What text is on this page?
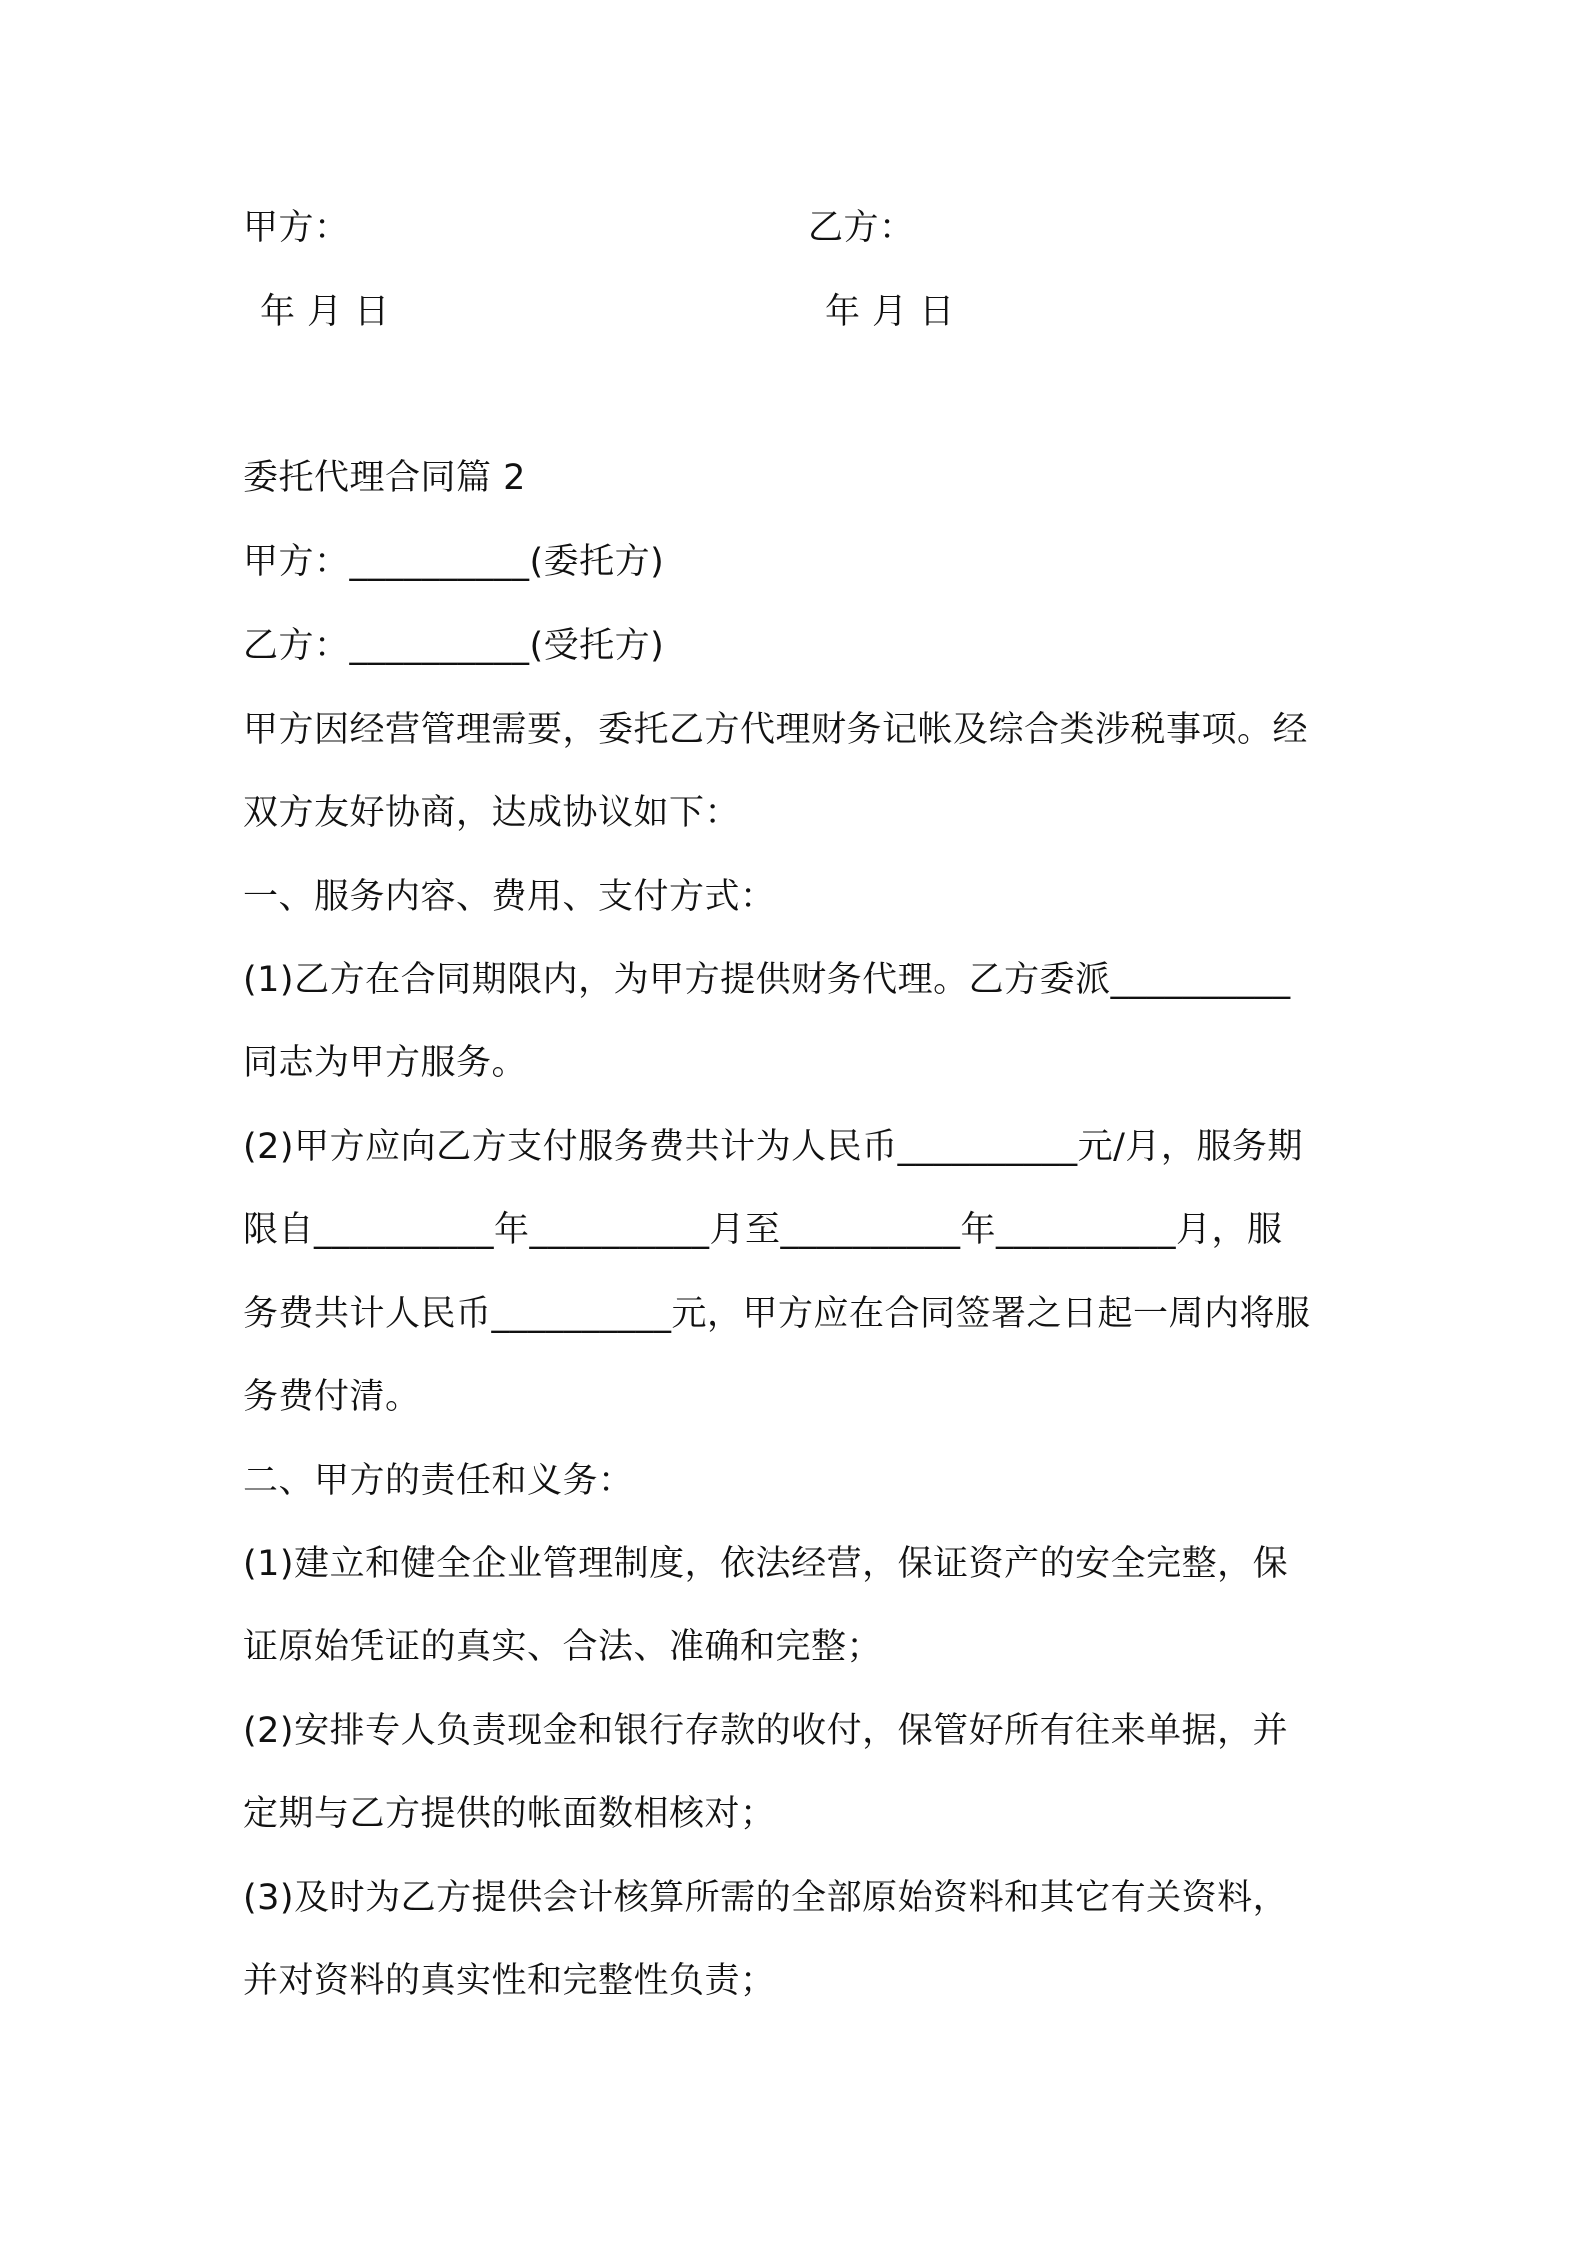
甲方：	乙方：
年 月 日	年 月 日
委托代理合同篇 2
甲方：__________(委托方)
乙方：__________(受托方)
甲方因经营管理需要，委托乙方代理财务记帐及综合类涉税事项。经
双方友好协商，达成协议如下：
一、服务内容、费用、支付方式：
(1)乙方在合同期限内，为甲方提供财务代理。乙方委派__________
同志为甲方服务。
(2)甲方应向乙方支付服务费共计为人民币__________元/月，服务期
限自__________年__________月至__________年__________月，服
务费共计人民币__________元，甲方应在合同签署之日起一周内将服
务费付清。
二、甲方的责任和义务：
(1)建立和健全企业管理制度，依法经营，保证资产的安全完整，保
证原始凭证的真实、合法、准确和完整；
(2)安排专人负责现金和银行存款的收付，保管好所有往来单据，并
定期与乙方提供的帐面数相核对；
(3)及时为乙方提供会计核算所需的全部原始资料和其它有关资料，
并对资料的真实性和完整性负责；
